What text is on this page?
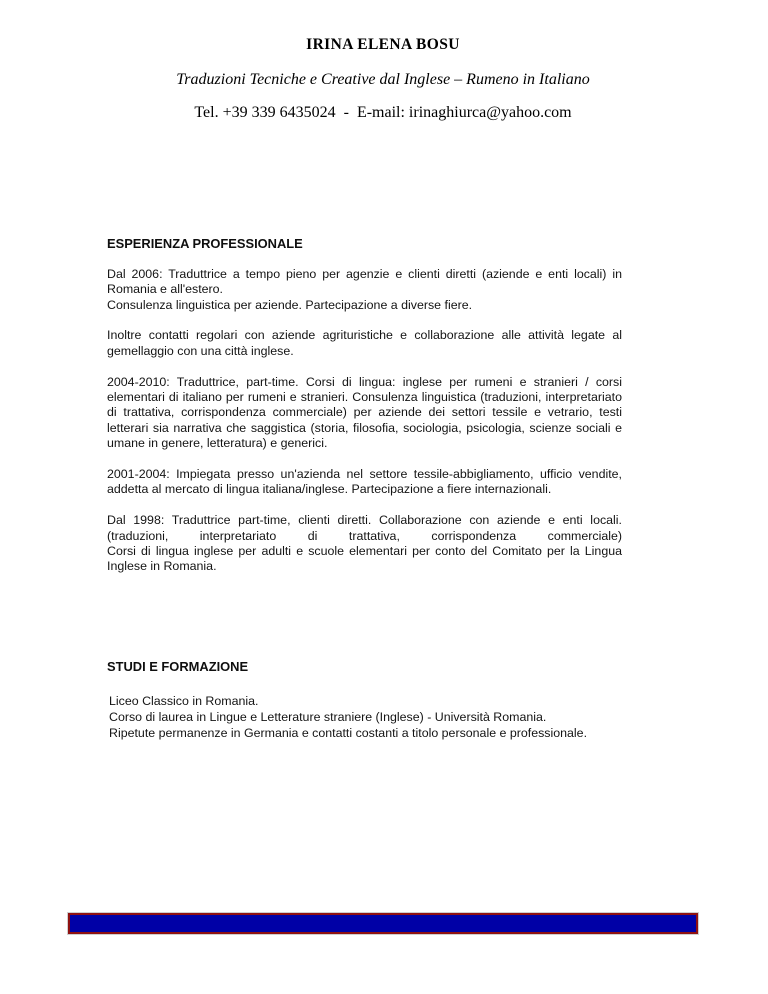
IRINA ELENA BOSU
Traduzioni Tecniche e Creative dal Inglese – Rumeno in Italiano
Tel. +39 339 6435024  -  E-mail: irinaghiurca@yahoo.com
ESPERIENZA PROFESSIONALE
Dal 2006: Traduttrice a tempo pieno per agenzie e clienti diretti (aziende e enti locali) in Romania e all'estero.
Consulenza linguistica per aziende. Partecipazione a diverse fiere.
Inoltre contatti regolari con aziende agrituristiche e collaborazione alle attività legate al gemellaggio con una città inglese.
2004-2010: Traduttrice, part-time. Corsi di lingua: inglese per rumeni e stranieri / corsi elementari di italiano per rumeni e stranieri. Consulenza linguistica (traduzioni, interpretariato di trattativa, corrispondenza commerciale) per aziende dei settori tessile e vetrario, testi letterari sia narrativa che saggistica (storia, filosofia, sociologia, psicologia, scienze sociali e umane in genere, letteratura) e generici.
2001-2004: Impiegata presso un'azienda nel settore tessile-abbigliamento, ufficio vendite, addetta al mercato di lingua italiana/inglese. Partecipazione a fiere internazionali.
Dal 1998: Traduttrice part-time, clienti diretti. Collaborazione con aziende e enti locali. (traduzioni, interpretariato di trattativa, corrispondenza commerciale)
Corsi di lingua inglese per adulti e scuole elementari per conto del Comitato per la Lingua Inglese in Romania.
STUDI E FORMAZIONE
Liceo Classico in Romania.
Corso di laurea in Lingue e Letterature straniere (Inglese) - Università Romania.
Ripetute permanenze in Germania e contatti costanti a titolo personale e professionale.
